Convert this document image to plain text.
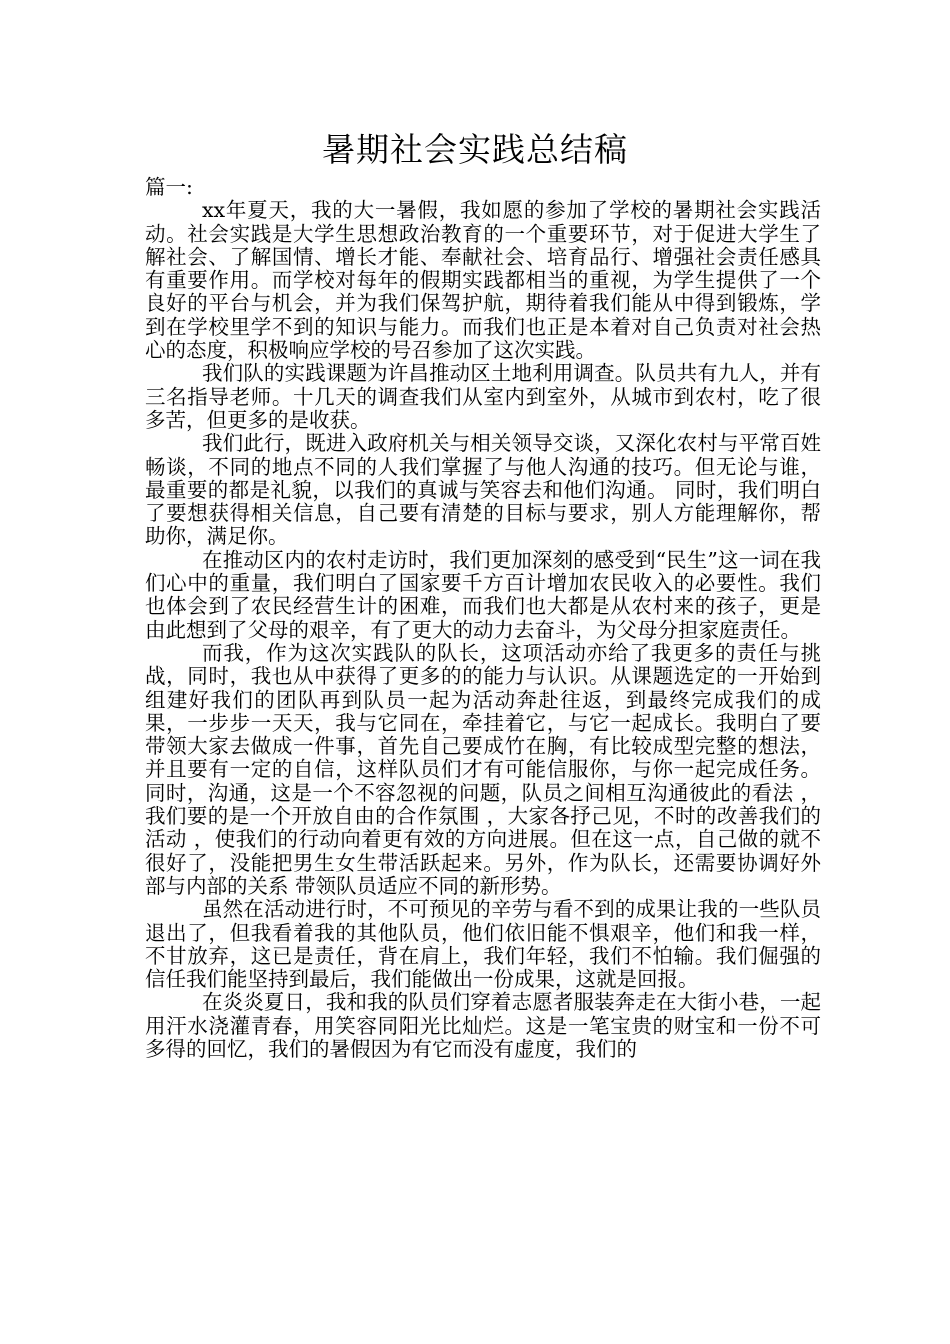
暑期社会实践总结稿

篇一:

xx年夏天，我的大一暑假，我如愿的参加了学校的暑期社会实践活动。社会实践是大学生思想政治教育的一个重要环节，对于促进大学生了解社会、了解国情、增长才能、奉献社会、培育品行、增强社会责任感具有重要作用。而学校对每年的假期实践都相当的重视，为学生提供了一个良好的平台与机会，并为我们保驾护航，期待着我们能从中得到锻炼，学到在学校里学不到的知识与能力。而我们也正是本着对自己负责对社会热心的态度，积极响应学校的号召参加了这次实践。

我们队的实践课题为许昌推动区土地利用调查。队员共有九人，并有三名指导老师。十几天的调查我们从室内到室外，从城市到农村，吃了很多苦，但更多的是收获。

我们此行，既进入政府机关与相关领导交谈，又深化农村与平常百姓畅谈，不同的地点不同的人我们掌握了与他人沟通的技巧。但无论与谁，最重要的都是礼貌，以我们的真诚与笑容去和他们沟通。 同时，我们明白了要想获得相关信息，自己要有清楚的目标与要求，别人方能理解你，帮助你，满足你。

在推动区内的农村走访时，我们更加深刻的感受到“民生”这一词在我们心中的重量，我们明白了国家要千方百计增加农民收入的必要性。我们也体会到了农民经营生计的困难，而我们也大都是从农村来的孩子，更是由此想到了父母的艰辛，有了更大的动力去奋斗，为父母分担家庭责任。

而我，作为这次实践队的队长，这项活动亦给了我更多的责任与挑战，同时，我也从中获得了更多的的能力与认识。从课题选定的一开始到组建好我们的团队再到队员一起为活动奔赴往返，到最终完成我们的成果，一步步一天天，我与它同在，牵挂着它，与它一起成长。我明白了要带领大家去做成一件事，首先自己要成竹在胸，有比较成型完整的想法，并且要有一定的自信，这样队员们才有可能信服你，与你一起完成任务。 同时，沟通，这是一个不容忽视的问题，队员之间相互沟通彼此的看法 ，我们要的是一个开放自由的合作氛围 ，大家各抒己见，不时的改善我们的活动 ，使我们的行动向着更有效的方向进展。但在这一点，自己做的就不很好了，没能把男生女生带活跃起来。另外，作为队长，还需要协调好外部与内部的关系 带领队员适应不同的新形势。

虽然在活动进行时，不可预见的辛劳与看不到的成果让我的一些队员退出了，但我看着我的其他队员，他们依旧能不惧艰辛，他们和我一样，不甘放弃，这已是责任，背在肩上，我们年轻，我们不怕输。我们倔强的信任我们能坚持到最后，我们能做出一份成果，这就是回报。

在炎炎夏日，我和我的队员们穿着志愿者服装奔走在大街小巷，一起用汗水浇灌青春，用笑容同阳光比灿烂。这是一笔宝贵的财宝和一份不可多得的回忆，我们的暑假因为有它而没有虚度，我们的
